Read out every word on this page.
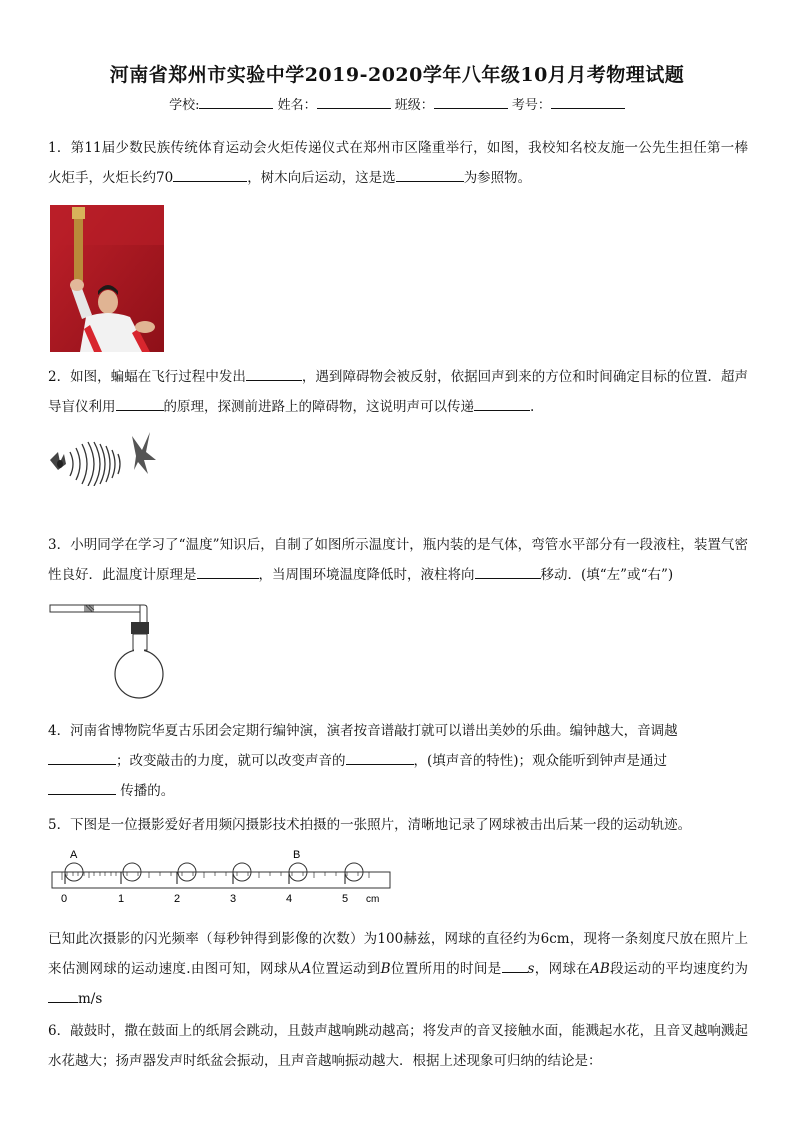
河南省郑州市实验中学2019-2020学年八年级10月月考物理试题
学校:	姓名：	班级：	考号：
1．第11届少数民族传统体育运动会火炬传递仪式在郑州市区隆重举行，如图，我校知名校友施一公先生担任第一棒火炬手，火炬长约70	，树木向后运动，这是选	为参照物。
2．如图，蝙蝠在飞行过程中发出	，遇到障碍物会被反射，依据回声到来的方位和时间确定目标的位置．超声导盲仪利用	的原理，探测前进路上的障碍物，这说明声可以传递	.
3．小明同学在学习了“温度”知识后，自制了如图所示温度计，瓶内装的是气体，弯管水平部分有一段液柱，装置气密性良好．此温度计原理是	，当周围环境温度降低时，液柱将向	移动．(填“左”或“右”)
4．河南省博物院华夏古乐团会定期行编钟演，演者按音谱敲打就可以谱出美妙的乐曲。编钟越大，音调越
；改变敲击的力度，就可以改变声音的	，(填声音的特性)；观众能听到钟声是通过
传播的。
5．下图是一位摄影爱好者用频闪摄影技术拍摄的一张照片，清晰地记录了网球被击出后某一段的运动轨迹。
A	B
0	1	2	3	4	5 cm
已知此次摄影的闪光频率（每秒钟得到影像的次数）为100赫兹，网球的直径约为6cm，现将一条刻度尺放在照片上来估测网球的运动速度.由图可知，网球从A位置运动到B位置所用的时间是 s，网球在AB段运动的平均速度约为m/s
6．敲鼓时，撒在鼓面上的纸屑会跳动，且鼓声越响跳动越高；将发声的音叉接触水面，能溅起水花，且音叉越响溅起水花越大；扬声器发声时纸盆会振动，且声音越响振动越大．根据上述现象可归纳的结论是：
